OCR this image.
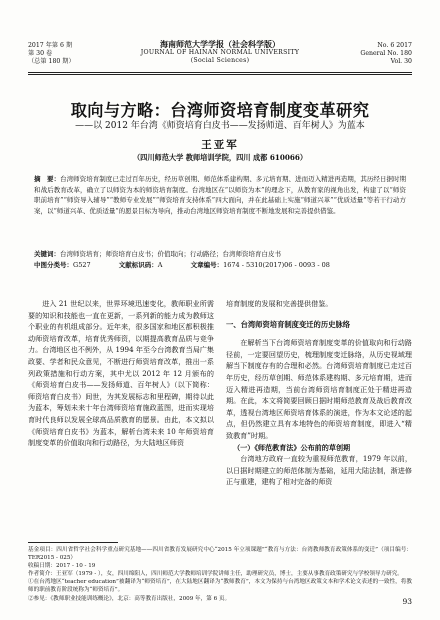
2017 年第 6 期
第 30 卷
（总第 180 期）
海南师范大学学报（社会科学版）
JOURNAL OF HAINAN NORMAL UNIVERSITY
(Social Sciences)
No. 6 2017
General No. 180
Vol. 30
取向与方略：台湾师资培育制度变革研究
——以 2012 年台湾《师资培育白皮书——发扬师道、百年树人》为蓝本
王亚军
（四川师范大学 教师培训学院，四川 成都 610066）
摘　要：台湾师资培育制度已走过百年历史，经历草创期、师范体系建构期、多元培育期、进而迈入精进再造期，其历经日据时期和战后教育改革，确立了以师资为本的师资培育制度。台湾地区在“以师资为本”的理念下，从教育家的视角出发，构建了以“师资职前培育”“师资导入辅导”“教师专业发展”“师资培育支持体系”四大面向，并在此基础上实施“师道兴革”“优质适量”等若干行动方案，以“师道兴革、优质适量”的愿景目标为导向，推动台湾地区师资培育制度不断地发展和完善提供借鉴。
关键词：台湾师资培育；师资培育白皮书；价值取向；行动路径；台湾师资培育白皮书
中图分类号：G527	文献标识码：A	文章编号：1674 - 5310(2017)06 - 0093 - 08

进入 21 世纪以来，世界环境迅速变化，教师职业所需要的知识和技能也一直在更新，一系列新的能力成为教师这个职业的有机组成部分。近年来，很多国家和地区都积极推动师资培育改革，培育优秀师资，以期提高教育品质与竞争力。台湾地区也不例外，从 1994 年至今台湾教育当局广集政要、学者和民众意见，不断进行师资培育改革，推出一系列政策措施和行动方案，其中尤以 2012 年 12 月颁布的《师资培育白皮书——发扬师道、百年树人》（以下简称：师资培育白皮书）间世，为其发展标志和里程碑，期待以此为蓝本，筹划未来十年台湾师资培育施政蓝图，进而实现培育时代良师以发展全球高品质教育的愿景。由此，本文拟以《师资培育白皮书》为蓝本，解析台湾未来 10 年师资培育制度变革的价值取向和行动路径，为大陆地区师资

培育制度的发展和完善提供借鉴。

一、台湾师资培育制度变迁的历史脉络

在解析当下台湾师资培育制度变革的价值取向和行动路径前，一定要回望历史，梳理制度变迁脉络，从历史视域理解当下制度存有的合理和必然。台湾师资培育制度已走过百年历史，经历草创期、师范体系建构期、多元培育期，进而迈入精进再造期，当前台湾师资培育制度正处于精进再造期。在此，本文将简要回顾日据时期师范教育及战后教育改革，透视台湾地区师资培育体系的演进，作为本文论述的起点，但仍然建立具有本地特色的师资培育制度，即进入“精致教育”时期。

（一）《师范教育法》公布前的草创期

台湾地方政府一直较为重视师范教育，1979 年以前，以日据时期建立的师范体制为基础，延用大陆法制，渐进修正与重建，建构了相对完备的师资

基金项目：四川省哲学社会科学重点研究基地——四川省教育发展研究中心“2015 年立项课题”“教育与方法：台湾教师教育政策体系的变迁”（项目编号：TER2015 - 025）
收稿日期：2017 - 10 - 19
作者简介：王亚军（1979 - ），女，四川绵阳人，四川师范大学教师培训学院讲师主任，助理研究员，博士，主要从事教育政策研究与学校领导力研究。
①在台湾地区“teacher education”被翻译为“师资培育”，在大陆地区翻译为“教师教育”，本文为保持与台湾地区政策文本和学术论文表述的一致性，将教师的职前教育阶段统称为“师资培育”。
②参见：《教师职业技能训练概论》，北京：高等教育出版社，2009 年，第 6 页。	93
